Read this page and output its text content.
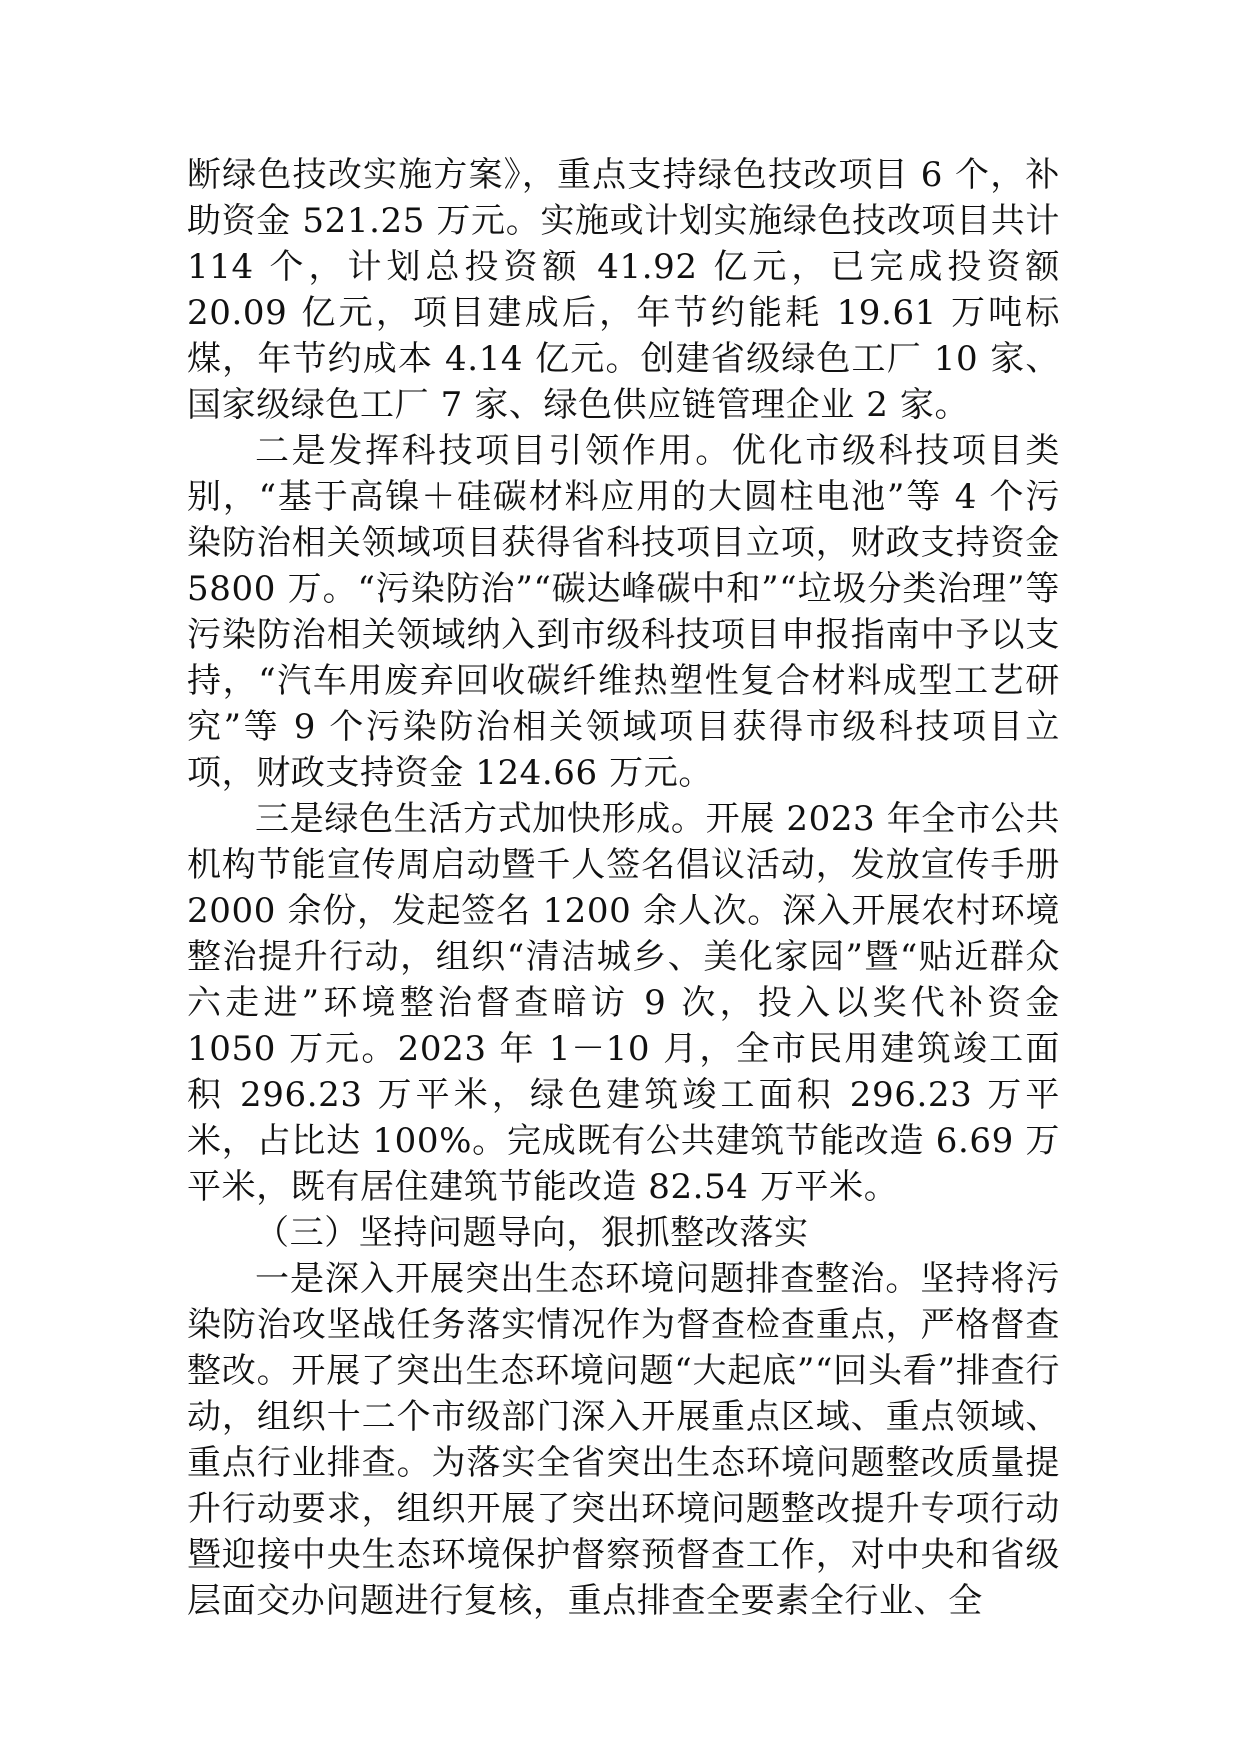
断绿色技改实施方案》，重点支持绿色技改项目 6 个，补助资金 521.25 万元。实施或计划实施绿色技改项目共计 114 个，计划总投资额 41.92 亿元，已完成投资额 20.09 亿元，项目建成后，年节约能耗 19.61 万吨标煤，年节约成本 4.14 亿元。创建省级绿色工厂 10 家、国家级绿色工厂 7 家、绿色供应链管理企业 2 家。

二是发挥科技项目引领作用。优化市级科技项目类别，“基于高镍＋硅碳材料应用的大圆柱电池”等 4 个污染防治相关领域项目获得省科技项目立项，财政支持资金 5800 万。“污染防治”“碳达峰碳中和”“垃圾分类治理”等污染防治相关领域纳入到市级科技项目申报指南中予以支持，“汽车用废弃回收碳纤维热塑性复合材料成型工艺研究”等 9 个污染防治相关领域项目获得市级科技项目立项，财政支持资金 124.66 万元。

三是绿色生活方式加快形成。开展 2023 年全市公共机构节能宣传周启动暨千人签名倡议活动，发放宣传手册 2000 余份，发起签名 1200 余人次。深入开展农村环境整治提升行动，组织“清洁城乡、美化家园”暨“贴近群众六走进”环境整治督查暗访 9 次，投入以奖代补资金 1050 万元。2023 年 1－10 月，全市民用建筑竣工面积 296.23 万平米，绿色建筑竣工面积 296.23 万平米，占比达 100%。完成既有公共建筑节能改造 6.69 万平米，既有居住建筑节能改造 82.54 万平米。

（三）坚持问题导向，狠抓整改落实

一是深入开展突出生态环境问题排查整治。坚持将污染防治攻坚战任务落实情况作为督查检查重点，严格督查整改。开展了突出生态环境问题“大起底”“回头看”排查行动，组织十二个市级部门深入开展重点区域、重点领域、重点行业排查。为落实全省突出生态环境问题整改质量提升行动要求，组织开展了突出环境问题整改提升专项行动暨迎接中央生态环境保护督察预督查工作，对中央和省级层面交办问题进行复核，重点排查全要素全行业、全
